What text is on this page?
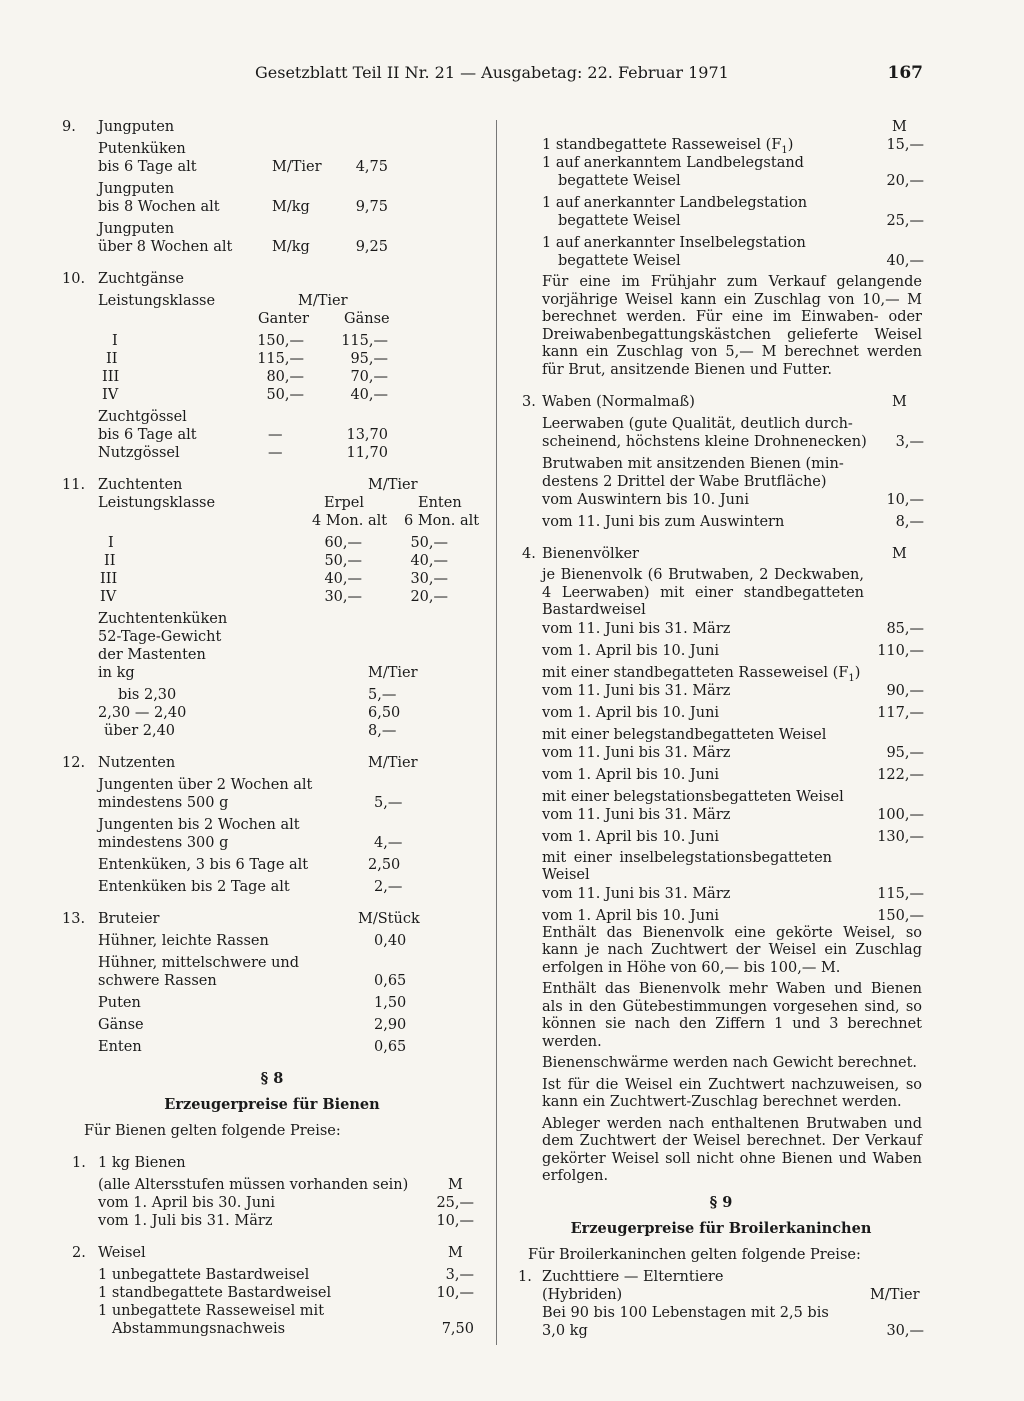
Gesetzblatt Teil II Nr. 21 — Ausgabetag: 22. Februar 1971	167
9. Jungputen
Putenküken
bis 6 Tage alt	M/Tier	4,75
Jungputen
bis 8 Wochen alt	M/kg	9,75
Jungputen
über 8 Wochen alt	M/kg	9,25
10. Zuchtgänse
Leistungsklasse	M/Tier
Ganter Gänse
I	150,—	115,—
II	115,—	95,—
III	80,—	70,—
IV	50,—	40,—
Zuchtgössel
bis 6 Tage alt	—	13,70
Nutzgössel	—	11,70
11. Zuchtenten	M/Tier
Leistungsklasse	Erpel	Enten
4 Mon. alt 6 Mon. alt
I	60,—	50,—
II	50,—	40,—
III	40,—	30,—
IV	30,—	20,—
Zuchtentenküken
52-Tage-Gewicht
der Mastenten
in kg	M/Tier
bis 2,30	5,—
2,30 — 2,40	6,50
über 2,40	8,—
12. Nutzenten	M/Tier
Jungenten über 2 Wochen alt
mindestens 500 g	5,—
Jungenten bis 2 Wochen alt
mindestens 300 g	4,—
Entenküken, 3 bis 6 Tage alt	2,50
Entenküken bis 2 Tage alt	2,—
13. Bruteier	M/Stück
Hühner, leichte Rassen	0,40
Hühner, mittelschwere und
schwere Rassen	0,65
Puten	1,50
Gänse	2,90
Enten	0,65
§ 8
Erzeugerpreise für Bienen
Für Bienen gelten folgende Preise:
1. 1 kg Bienen
(alle Altersstufen müssen vorhanden sein)	M
vom 1. April bis 30. Juni	25,—
vom 1. Juli bis 31. März	10,—
2. Weisel	M
1 unbegattete Bastardweisel	3,—
1 standbegattete Bastardweisel	10,—
1 unbegattete Rasseweisel mit
Abstammungsnachweis	7,50
M
1 standbegattete Rasseweisel $(F_1)$	15,—
1 auf anerkanntem Landbelegstand
begattete Weisel	20,—
1 auf anerkannter Landbelegstation
begattete Weisel	25,—
1 auf anerkannter Inselbelegstation
begattete Weisel	40,—
Für eine im Frühjahr zum Verkauf gelangende vorjährige Weisel kann ein Zuschlag von 10,— M berechnet werden. Für eine im Einwaben- oder Dreiwabenbegattungskästchen gelieferte Weisel kann ein Zuschlag von 5,— M berechnet werden für Brut, ansitzende Bienen und Futter.
3. Waben (Normalmaß)	M
Leerwaben (gute Qualität, deutlich durch-
scheinend, höchstens kleine Drohnenecken)	3,—
Brutwaben mit ansitzenden Bienen (min-
destens 2 Drittel der Wabe Brutfläche)
vom Auswintern bis 10. Juni	10,—
vom 11. Juni bis zum Auswintern	8,—
4. Bienenvölker	M
je Bienenvolk (6 Brutwaben, 2 Deckwaben, 4 Leerwaben) mit einer standbegatteten Bastardweisel
vom 11. Juni bis 31. März	85,—
vom 1. April bis 10. Juni	110,—
mit einer standbegatteten Rasseweisel $(F_1)$
vom 11. Juni bis 31. März	90,—
vom 1. April bis 10. Juni	117,—
mit einer belegstandbegatteten Weisel
vom 11. Juni bis 31. März	95,—
vom 1. April bis 10. Juni	122,—
mit einer belegstationsbegatteten Weisel
vom 11. Juni bis 31. März	100,—
vom 1. April bis 10. Juni	130,—
mit einer inselbelegstationsbegatteten Weisel
vom 11. Juni bis 31. März	115,—
vom 1. April bis 10. Juni	150,—
Enthält das Bienenvolk eine gekörte Weisel, so kann je nach Zuchtwert der Weisel ein Zuschlag erfolgen in Höhe von 60,— bis 100,— M.
Enthält das Bienenvolk mehr Waben und Bienen als in den Gütebestimmungen vorgesehen sind, so können sie nach den Ziffern 1 und 3 berechnet werden.
Bienenschwärme werden nach Gewicht berechnet.
Ist für die Weisel ein Zuchtwert nachzuweisen, so kann ein Zuchtwert-Zuschlag berechnet werden.
Ableger werden nach enthaltenen Brutwaben und dem Zuchtwert der Weisel berechnet. Der Verkauf gekörter Weisel soll nicht ohne Bienen und Waben erfolgen.
§ 9
Erzeugerpreise für Broilerkaninchen
Für Broilerkaninchen gelten folgende Preise:
1. Zuchttiere — Elterntiere
(Hybriden)	M/Tier
Bei 90 bis 100 Lebenstagen mit 2,5 bis
3,0 kg	30,—
